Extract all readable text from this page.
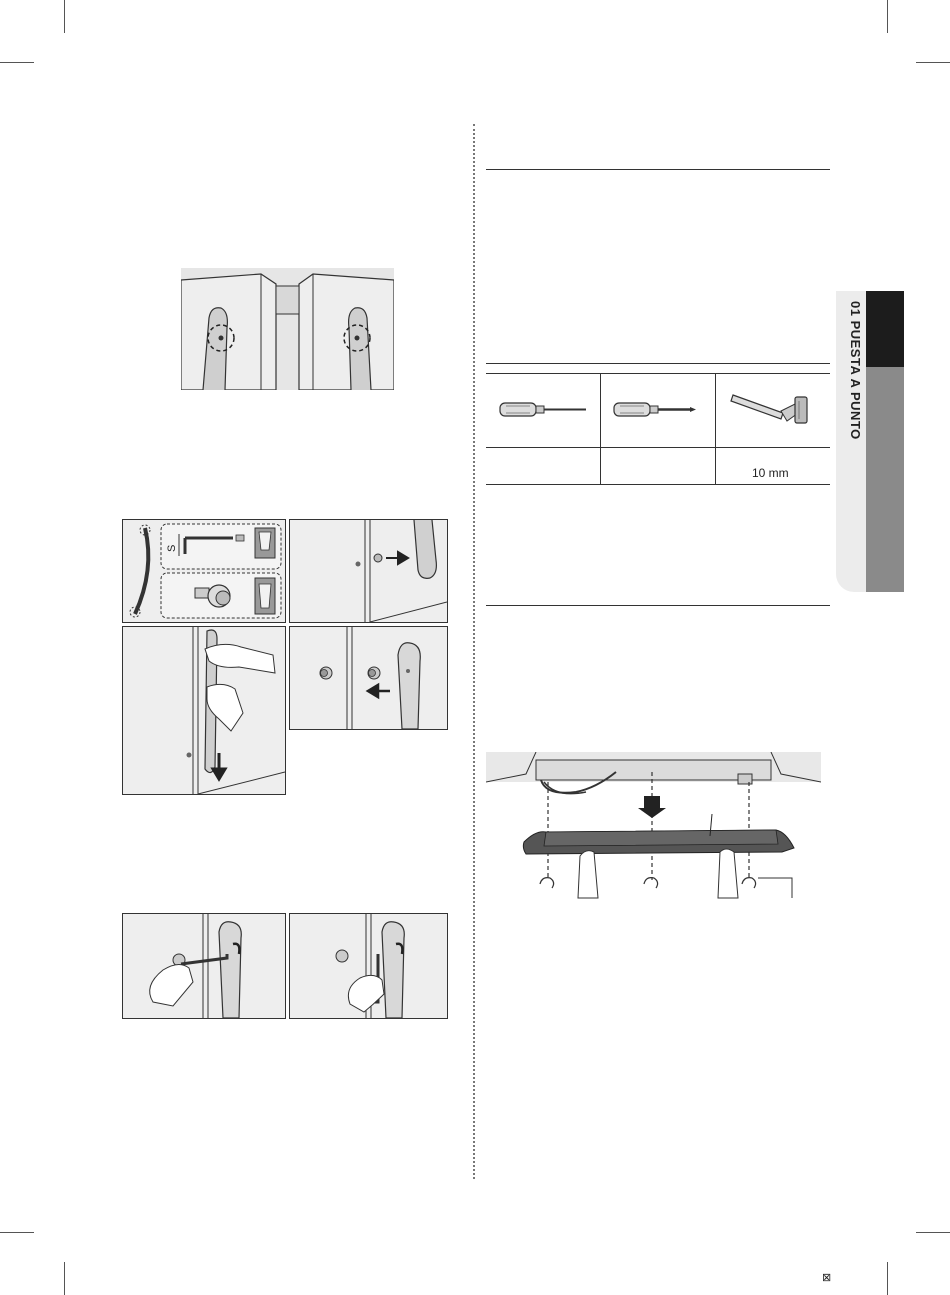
01 PUESTA A PUNTO
S
10 mm
⊠
